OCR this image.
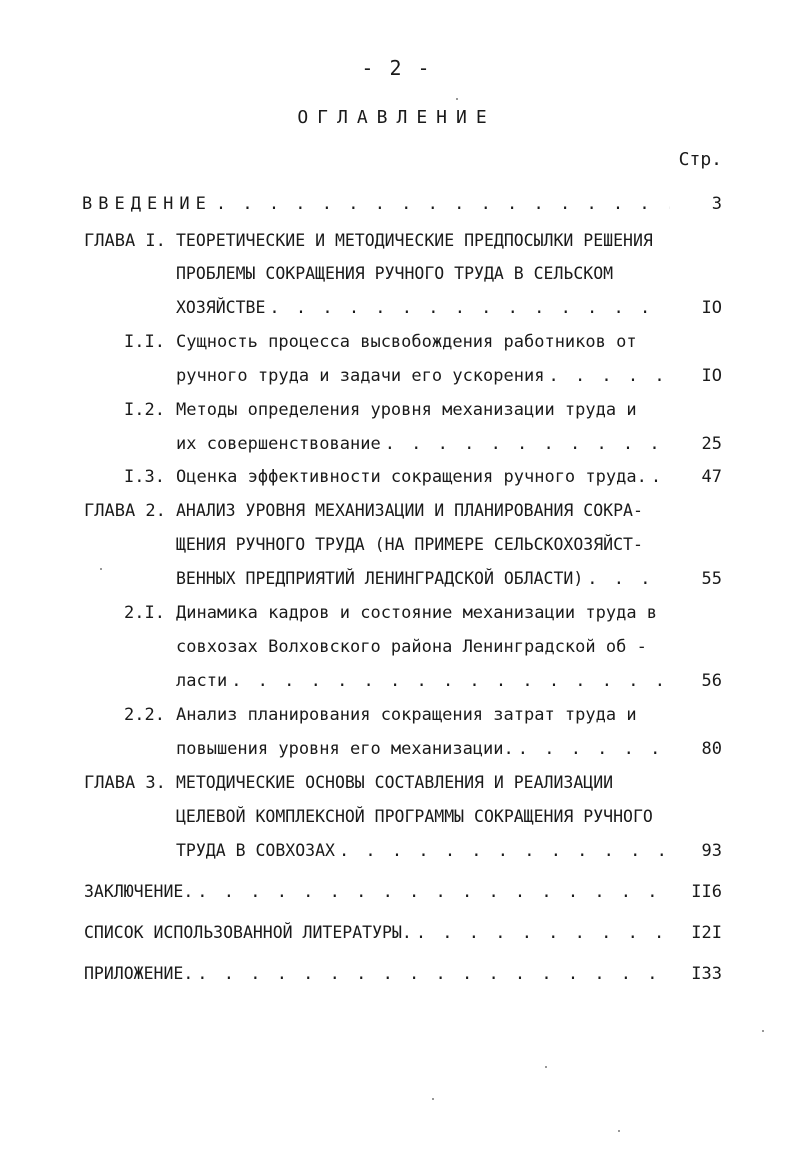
- 2 -
ОГЛАВЛЕНИЕ
Стр.
ВВЕДЕНИЕ . . .	3
ГЛАВА I. ТЕОРЕТИЧЕСКИЕ И МЕТОДИЧЕСКИЕ ПРЕДПОСЫЛКИ РЕШЕНИЯ
ПРОБЛЕМЫ СОКРАЩЕНИЯ РУЧНОГО ТРУДА В СЕЛЬСКОМ
ХОЗЯЙСТВЕ . . .	IO
I.I. Сущность процесса высвобождения работников от
ручного труда и задачи его ускорения . . .	IO
I.2. Методы определения уровня механизации труда и
их совершенствование . . .	25
I.3. Оценка эффективности сокращения ручного труда. . . .	47
ГЛАВА 2. АНАЛИЗ УРОВНЯ МЕХАНИЗАЦИИ И ПЛАНИРОВАНИЯ СОКРА-
ЩЕНИЯ РУЧНОГО ТРУДА (НА ПРИМЕРЕ СЕЛЬСКОХОЗЯЙСТ-
ВЕННЫХ ПРЕДПРИЯТИЙ ЛЕНИНГРАДСКОЙ ОБЛАСТИ) . . .	55
2.I. Динамика кадров и состояние механизации труда в
совхозах Волховского района Ленинградской об -
ласти . . .	56
2.2. Анализ планирования сокращения затрат труда и
повышения уровня его механизации. . . .	80
ГЛАВА 3. МЕТОДИЧЕСКИЕ ОСНОВЫ СОСТАВЛЕНИЯ И РЕАЛИЗАЦИИ
ЦЕЛЕВОЙ КОМПЛЕКСНОЙ ПРОГРАММЫ СОКРАЩЕНИЯ РУЧНОГО
ТРУДА В СОВХОЗАХ . . .	93
ЗАКЛЮЧЕНИЕ. . . .	II6
СПИСОК ИСПОЛЬЗОВАННОЙ ЛИТЕРАТУРЫ. . . .	I2I
ПРИЛОЖЕНИЕ. . . .	I33
